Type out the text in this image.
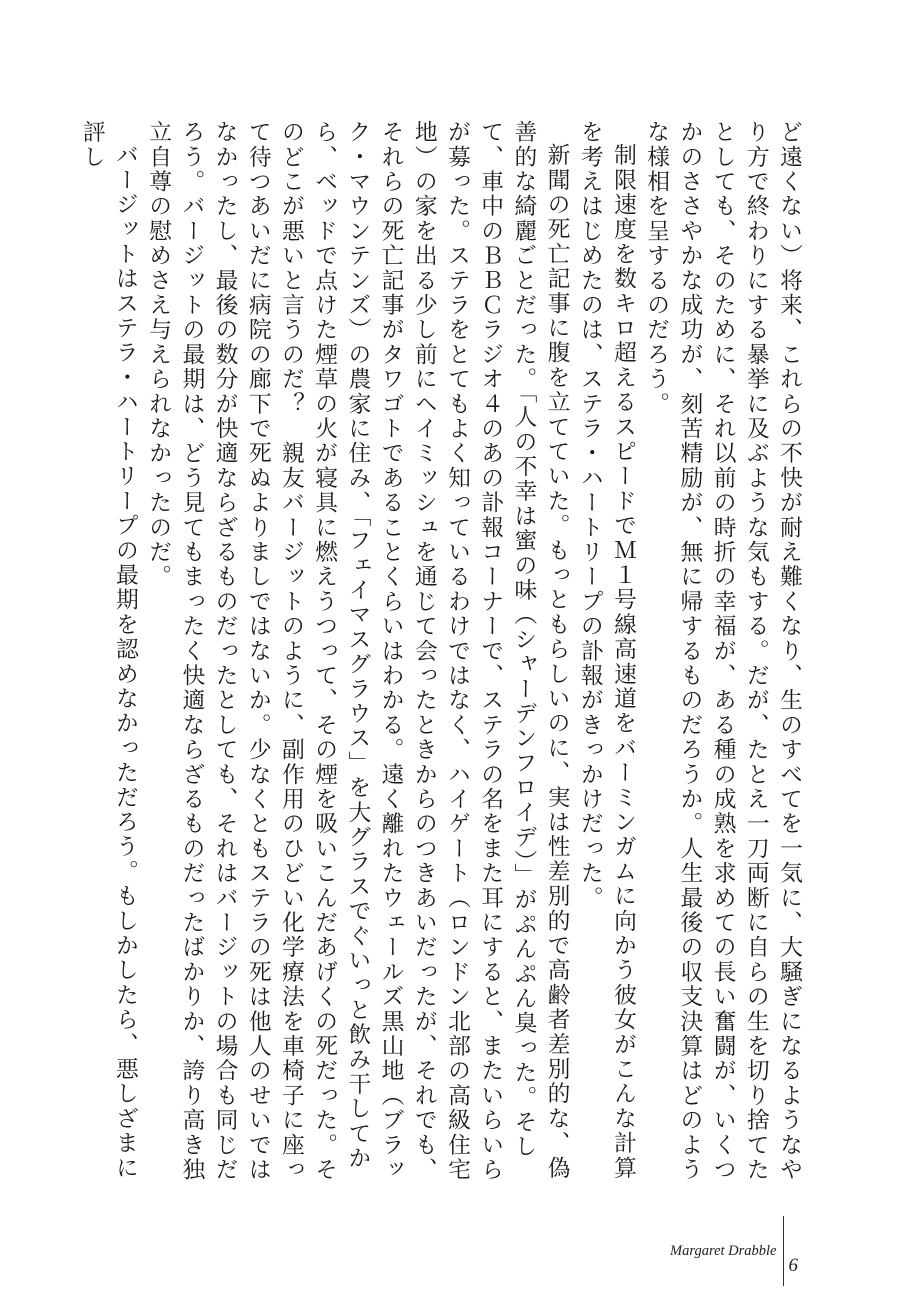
ど遠くない）将来、これらの不快が耐え難くなり、生のすべてを一気に、大騒ぎになるようなやり方で終わりにする暴挙に及ぶような気もする。だが、たとえ一刀両断に自らの生を切り捨てたとしても、そのために、それ以前の時折の幸福が、ある種の成熟を求めての長い奮闘が、いくつかのささやかな成功が、刻苦精励が、無に帰するものだろうか。人生最後の収支決算はどのような様相を呈するのだろう。

制限速度を数キロ超えるスピードでＭ１号線高速道をバーミンガムに向かう彼女がこんな計算を考えはじめたのは、ステラ・ハートリープの訃報がきっかけだった。

新聞の死亡記事に腹を立てていた。もっともらしいのに、実は性差別的で高齢者差別的な、偽善的な綺麗ごとだった。「人の不幸は蜜の味（シャーデンフロイデ）」がぷんぷん臭った。そして、車中のＢＢＣラジオ４のあの訃報コーナーで、ステラの名をまた耳にすると、またいらいらが募った。ステラをとてもよく知っているわけではなく、ハイゲート（ロンドン北部の高級住宅地）の家を出る少し前にヘイミッシュを通じて会ったときからのつきあいだったが、それでも、それらの死亡記事がタワゴトであることくらいはわかる。遠く離れたウェールズ黒山地（ブラック・マウンテンズ）の農家に住み、「フェイマスグラウス」を大グラスでぐいっと飲み干してから、ベッドで点けた煙草の火が寝具に燃えうつって、その煙を吸いこんだあげくの死だった。そのどこが悪いと言うのだ？　親友バージットのように、副作用のひどい化学療法を車椅子に座って待つあいだに病院の廊下で死ぬよりましではないか。少なくともステラの死は他人のせいではなかったし、最後の数分が快適ならざるものだったとしても、それはバージットの場合も同じだろう。バージットの最期は、どう見てもまったく快適ならざるものだったばかりか、誇り高き独立自尊の慰めさえ与えられなかったのだ。

バージットはステラ・ハートリープの最期を認めなかっただろう。もしかしたら、悪しざまに評し

Margaret Drabble
6
